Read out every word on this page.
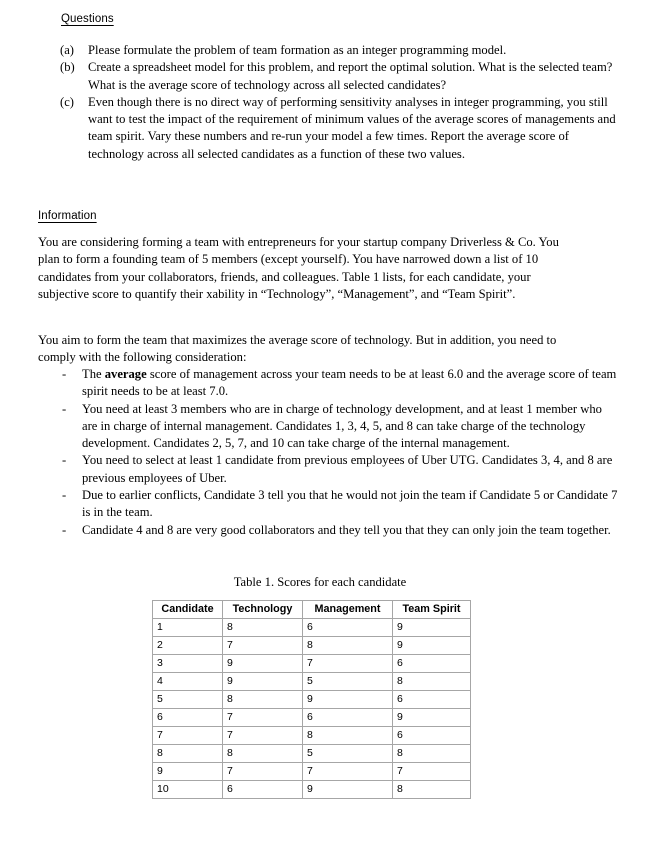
Questions
(a)	Please formulate the problem of team formation as an integer programming model.
(b)	Create a spreadsheet model for this problem, and report the optimal solution. What is the selected team? What is the average score of technology across all selected candidates?
(c)	Even though there is no direct way of performing sensitivity analyses in integer programming, you still want to test the impact of the requirement of minimum values of the average scores of managements and team spirit. Vary these numbers and re-run your model a few times. Report the average score of technology across all selected candidates as a function of these two values.
Information
You are considering forming a team with entrepreneurs for your startup company Driverless & Co. You plan to form a founding team of 5 members (except yourself). You have narrowed down a list of 10 candidates from your collaborators, friends, and colleagues. Table 1 lists, for each candidate, your subjective score to quantify their xability in “Technology”, “Management”, and “Team Spirit”.
You aim to form the team that maximizes the average score of technology. But in addition, you need to comply with the following consideration:
-	The average score of management across your team needs to be at least 6.0 and the average score of team spirit needs to be at least 7.0.
-	You need at least 3 members who are in charge of technology development, and at least 1 member who are in charge of internal management. Candidates 1, 3, 4, 5, and 8 can take charge of the technology development. Candidates 2, 5, 7, and 10 can take charge of the internal management.
-	You need to select at least 1 candidate from previous employees of Uber UTG. Candidates 3, 4, and 8 are previous employees of Uber.
-	Due to earlier conflicts, Candidate 3 tell you that he would not join the team if Candidate 5 or Candidate 7 is in the team.
-	Candidate 4 and 8 are very good collaborators and they tell you that they can only join the team together.
Table 1. Scores for each candidate
Candidate	Technology	Management	Team Spirit
1	8	6	9
2	7	8	9
3	9	7	6
4	9	5	8
5	8	9	6
6	7	6	9
7	7	8	6
8	8	5	8
9	7	7	7
10	6	9	8
